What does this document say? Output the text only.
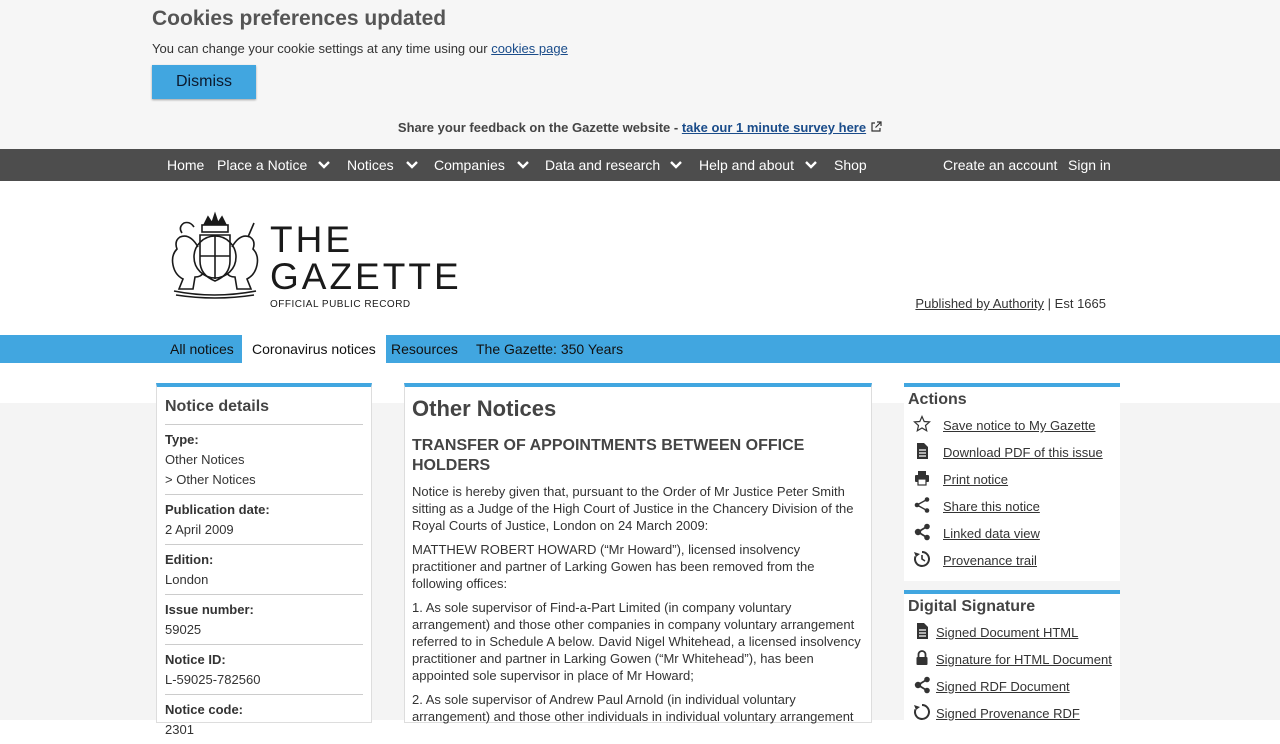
Cookies preferences updated
You can change your cookie settings at any time using our cookies page
Dismiss
Share your feedback on the Gazette website - take our 1 minute survey here
Home Place a Notice	Notices	Companies	Data and research	Help and about	Shop	Create an account Sign in
THE
GAZETTE
OFFICIAL PUBLIC RECORD	Published by Authority | Est 1665
All notices	Coronavirus notices	Resources	The Gazette: 350 Years
Notice details
Type:
Other Notices
> Other Notices
Publication date:
2 April 2009
Edition:
London
Issue number:
59025
Notice ID:
L-59025-782560
Notice code:
2301
Other Notices
TRANSFER OF APPOINTMENTS BETWEEN OFFICE HOLDERS

Notice is hereby given that, pursuant to the Order of Mr Justice Peter Smith sitting as a Judge of the High Court of Justice in the Chancery Division of the Royal Courts of Justice, London on 24 March 2009:

MATTHEW ROBERT HOWARD (“Mr Howard”), licensed insolvency practitioner and partner of Larking Gowen has been removed from the following offices:

1. As sole supervisor of Find-a-Part Limited (in company voluntary arrangement) and those other companies in company voluntary arrangement referred to in Schedule A below. David Nigel Whitehead, a licensed insolvency practitioner and partner in Larking Gowen (“Mr Whitehead”), has been appointed sole supervisor in place of Mr Howard;

2. As sole supervisor of Andrew Paul Arnold (in individual voluntary arrangement) and those other individuals in individual voluntary arrangement

Actions
Save notice to My Gazette
Download PDF of this issue
Print notice
Share this notice
Linked data view
Provenance trail
Digital Signature
Signed Document HTML
Signature for HTML Document
Signed RDF Document
Signed Provenance RDF
